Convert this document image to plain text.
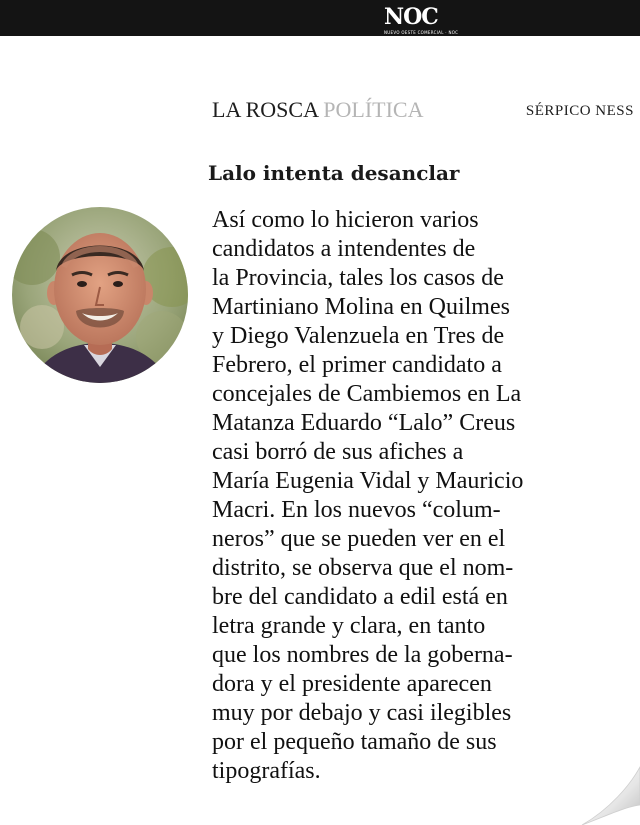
NOC
NUEVO OESTE COMERCIAL · NOC
LA ROSCA POLÍTICA	SÉRPICO NESS
Lalo intenta desanclar
Así como lo hicieron varios
candidatos a intendentes de
la Provincia, tales los casos de
Martiniano Molina en Quilmes
y Diego Valenzuela en Tres de
Febrero, el primer candidato a
concejales de Cambiemos en La
Matanza Eduardo “Lalo” Creus
casi borró de sus afiches a
María Eugenia Vidal y Mauricio
Macri. En los nuevos “colum-
neros” que se pueden ver en el
distrito, se observa que el nom-
bre del candidato a edil está en
letra grande y clara, en tanto
que los nombres de la goberna-
dora y el presidente aparecen
muy por debajo y casi ilegibles
por el pequeño tamaño de sus
tipografías.
